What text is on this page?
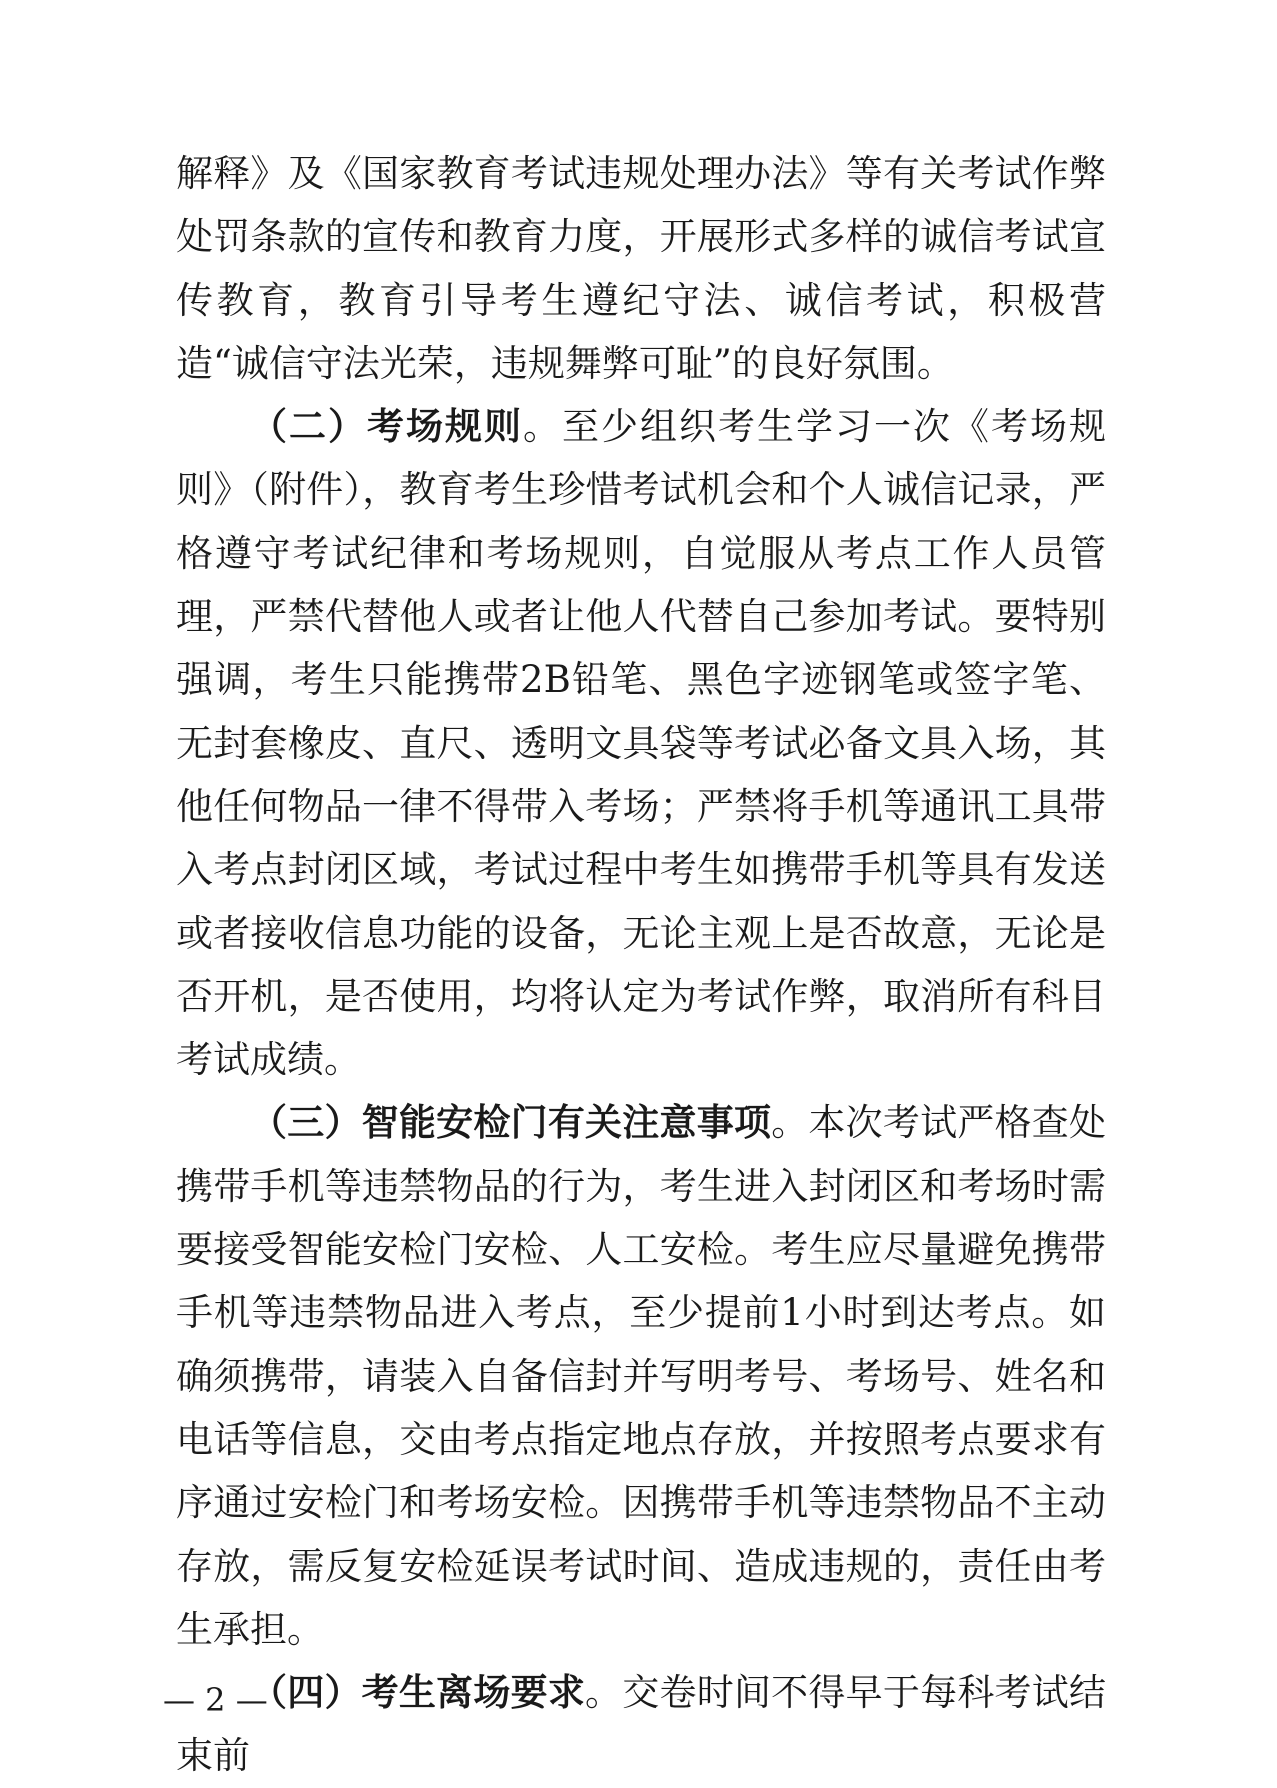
解释》及《国家教育考试违规处理办法》等有关考试作弊处罚条款的宣传和教育力度，开展形式多样的诚信考试宣传教育，教育引导考生遵纪守法、诚信考试，积极营造“诚信守法光荣，违规舞弊可耻”的良好氛围。

（二）考场规则。至少组织考生学习一次《考场规则》（附件），教育考生珍惜考试机会和个人诚信记录，严格遵守考试纪律和考场规则，自觉服从考点工作人员管理，严禁代替他人或者让他人代替自己参加考试。要特别强调，考生只能携带2B铅笔、黑色字迹钢笔或签字笔、无封套橡皮、直尺、透明文具袋等考试必备文具入场，其他任何物品一律不得带入考场；严禁将手机等通讯工具带入考点封闭区域，考试过程中考生如携带手机等具有发送或者接收信息功能的设备，无论主观上是否故意，无论是否开机，是否使用，均将认定为考试作弊，取消所有科目考试成绩。

（三）智能安检门有关注意事项。本次考试严格查处携带手机等违禁物品的行为，考生进入封闭区和考场时需要接受智能安检门安检、人工安检。考生应尽量避免携带手机等违禁物品进入考点，至少提前1小时到达考点。如确须携带，请装入自备信封并写明考号、考场号、姓名和电话等信息，交由考点指定地点存放，并按照考点要求有序通过安检门和考场安检。因携带手机等违禁物品不主动存放，需反复安检延误考试时间、造成违规的，责任由考生承担。

（四）考生离场要求。交卷时间不得早于每科考试结束前

— 2 —
